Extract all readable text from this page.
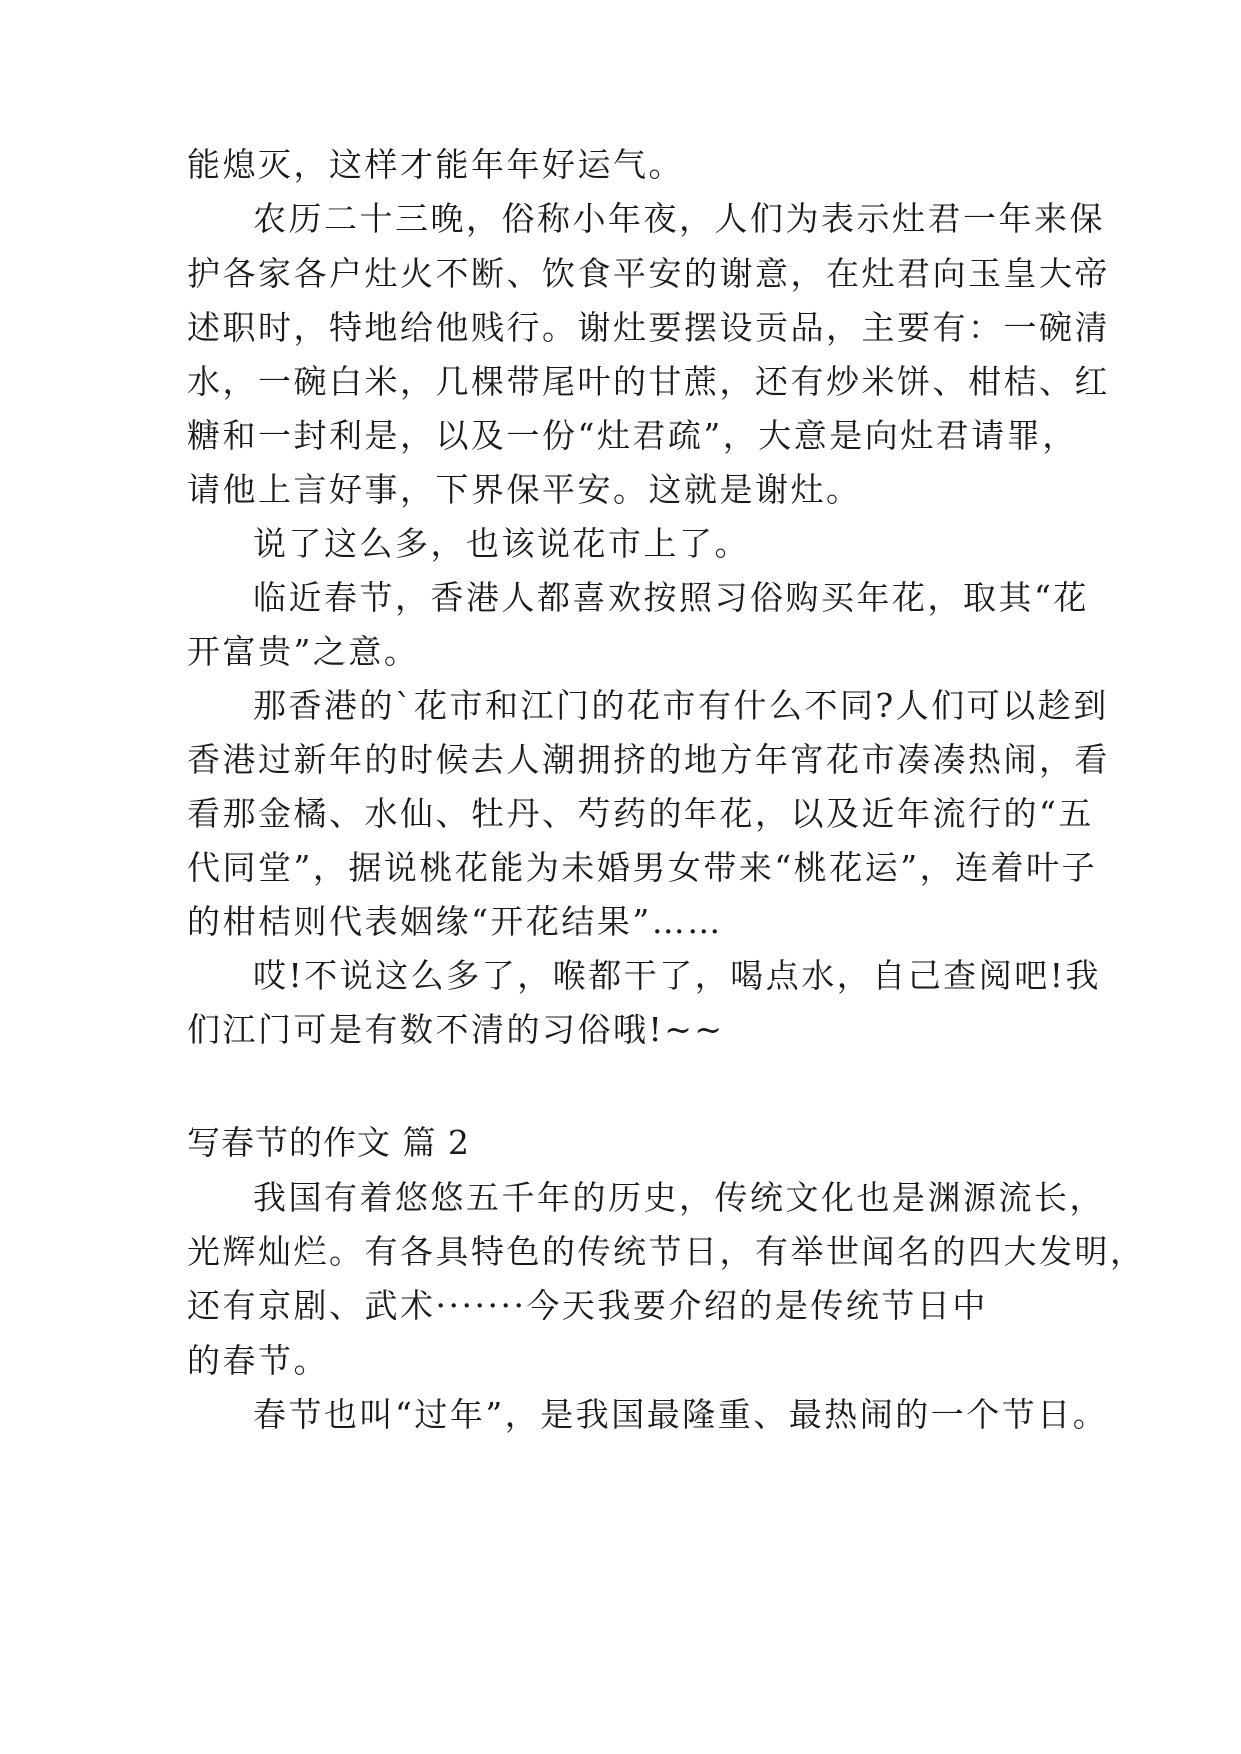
能熄灭，这样才能年年好运气。
农历二十三晚，俗称小年夜，人们为表示灶君一年来保
护各家各户灶火不断、饮食平安的谢意，在灶君向玉皇大帝
述职时，特地给他贱行。谢灶要摆设贡品，主要有：一碗清
水，一碗白米，几棵带尾叶的甘蔗，还有炒米饼、柑桔、红
糖和一封利是，以及一份“灶君疏”，大意是向灶君请罪，
请他上言好事，下界保平安。这就是谢灶。
说了这么多，也该说花市上了。
临近春节，香港人都喜欢按照习俗购买年花，取其“花
开富贵”之意。
那香港的`花市和江门的花市有什么不同?人们可以趁到
香港过新年的时候去人潮拥挤的地方年宵花市凑凑热闹，看
看那金橘、水仙、牡丹、芍药的年花，以及近年流行的“五
代同堂”，据说桃花能为未婚男女带来“桃花运”，连着叶子
的柑桔则代表姻缘“开花结果”……
哎!不说这么多了，喉都干了，喝点水，自己查阅吧!我
们江门可是有数不清的习俗哦!~~
写春节的作文 篇 2
我国有着悠悠五千年的历史，传统文化也是渊源流长，
光辉灿烂。有各具特色的传统节日，有举世闻名的四大发明，
还有京剧、武术·······今天我要介绍的是传统节日中
的春节。
春节也叫“过年”，是我国最隆重、最热闹的一个节日。
